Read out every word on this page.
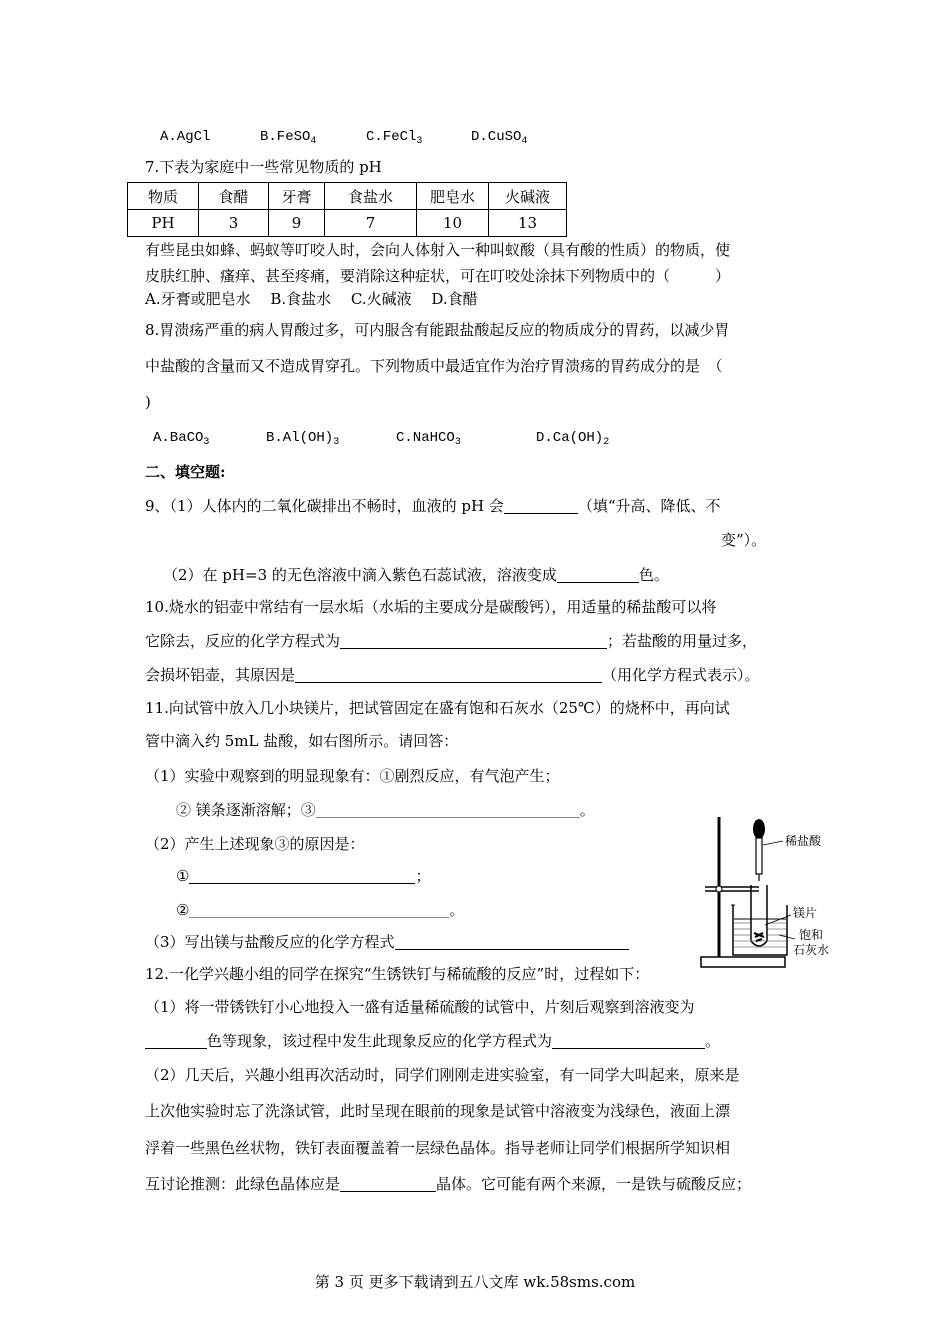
A.AgCl	B.FeSO$_4$	C.FeCl$_3$	D.CuSO$_4$
7.下表为家庭中一些常见物质的 pH
物质	食醋	牙膏	食盐水	肥皂水	火碱液
PH	3	9	7	10	13
有些昆虫如蜂、蚂蚁等叮咬人时，会向人体射入一种叫蚁酸（具有酸的性质）的物质，使
皮肤红肿、瘙痒、甚至疼痛，要消除这种症状，可在叮咬处涂抹下列物质中的（　　　）
A.牙膏或肥皂水　 B.食盐水　 C.火碱液　 D.食醋
8.胃溃疡严重的病人胃酸过多，可内服含有能跟盐酸起反应的物质成分的胃药，以减少胃
中盐酸的含量而又不造成胃穿孔。下列物质中最适宜作为治疗胃溃疡的胃药成分的是　（
)
A.BaCO$_3$	$B.Al(OH)_3$	C.NaHCO$_3$	$D.Ca(OH)_2$
二、填空题:
9、（1）人体内的二氧化碳排出不畅时，血液的 pH 会	（填“升高、降低、不
变”）。
（2）在 pH=3 的无色溶液中滴入紫色石蕊试液，溶液变成	色。
10.烧水的铝壶中常结有一层水垢（水垢的主要成分是碳酸钙），用适量的稀盐酸可以将
它除去，反应的化学方程式为	；若盐酸的用量过多，
会损坏铝壶，其原因是	（用化学方程式表示）。
11.向试管中放入几小块镁片，把试管固定在盛有饱和石灰水（25℃）的烧杯中，再向试
管中滴入约 5mL 盐酸，如右图所示。请回答：
（1）实验中观察到的明显现象有：①剧烈反应，有气泡产生；
② 镁条逐渐溶解；③	。
（2）产生上述现象③的原因是：
①	；
②	。
（3）写出镁与盐酸反应的化学方程式
稀盐酸
镁片
饱和
石灰水
12.一化学兴趣小组的同学在探究“生锈铁钉与稀硫酸的反应”时，过程如下：
（1）将一带锈铁钉小心地投入一盛有适量稀硫酸的试管中，片刻后观察到溶液变为
色等现象，该过程中发生此现象反应的化学方程式为	。
（2）几天后，兴趣小组再次活动时，同学们刚刚走进实验室，有一同学大叫起来，原来是
上次他实验时忘了洗涤试管，此时呈现在眼前的现象是试管中溶液变为浅绿色，液面上漂
浮着一些黑色丝状物，铁钉表面覆盖着一层绿色晶体。指导老师让同学们根据所学知识相
互讨论推测：此绿色晶体应是	晶体。它可能有两个来源，一是铁与硫酸反应；
第 3 页 更多下载请到五八文库 wk.58sms.com
